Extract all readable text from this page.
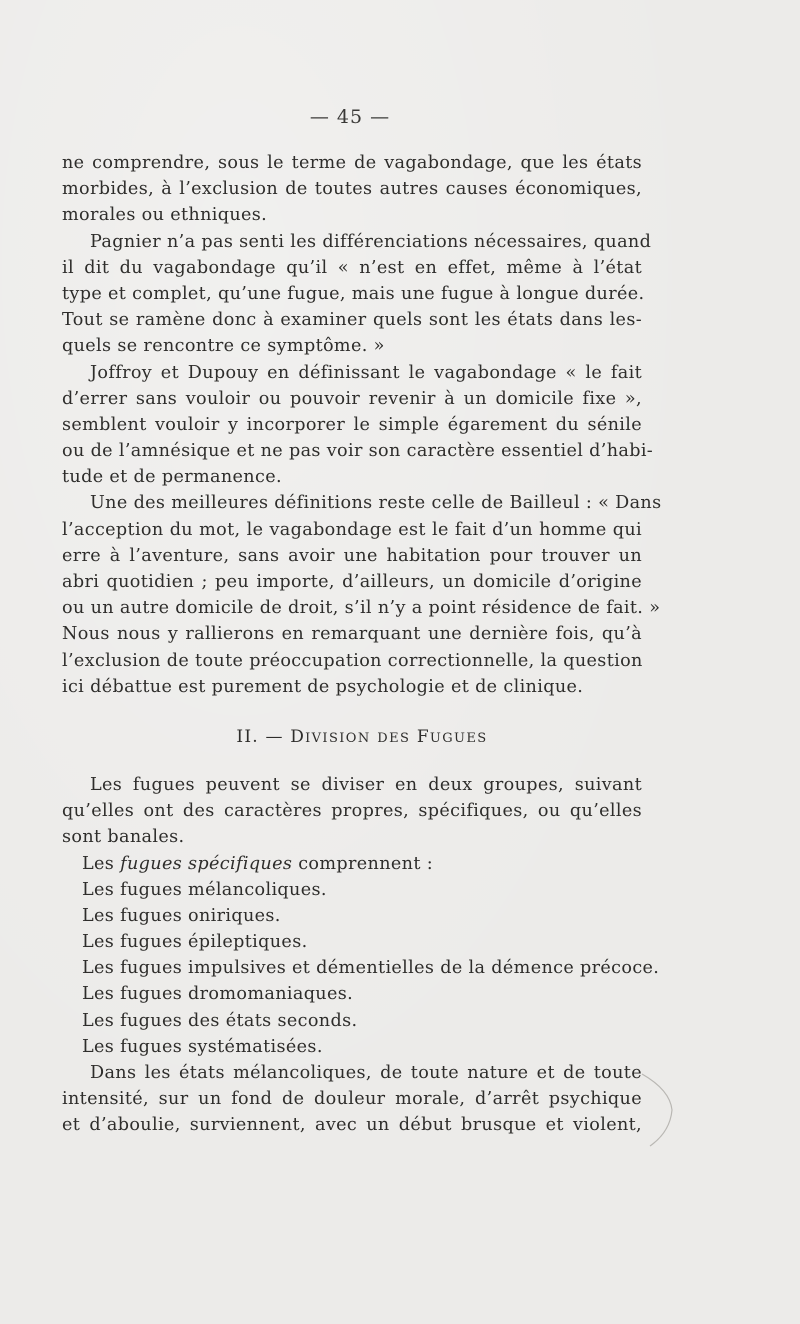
— 45 —
ne comprendre, sous le terme de vagabondage, que les états
morbides, à l’exclusion de toutes autres causes économiques,
morales ou ethniques.
Pagnier n’a pas senti les différenciations nécessaires, quand
il dit du vagabondage qu’il « n’est en effet, même à l’état
type et complet, qu’une fugue, mais une fugue à longue durée.
Tout se ramène donc à examiner quels sont les états dans les-
quels se rencontre ce symptôme. »
Joffroy et Dupouy en définissant le vagabondage « le fait
d’errer sans vouloir ou pouvoir revenir à un domicile fixe »,
semblent vouloir y incorporer le simple égarement du sénile
ou de l’amnésique et ne pas voir son caractère essentiel d’habi-
tude et de permanence.
Une des meilleures définitions reste celle de Bailleul : « Dans
l’acception du mot, le vagabondage est le fait d’un homme qui
erre à l’aventure, sans avoir une habitation pour trouver un
abri quotidien ; peu importe, d’ailleurs, un domicile d’origine
ou un autre domicile de droit, s’il n’y a point résidence de fait. »
Nous nous y rallierons en remarquant une dernière fois, qu’à
l’exclusion de toute préoccupation correctionnelle, la question
ici débattue est purement de psychologie et de clinique.
II. — DIVISION DES FUGUES
Les fugues peuvent se diviser en deux groupes, suivant
qu’elles ont des caractères propres, spécifiques, ou qu’elles
sont banales.
Les fugues spécifiques comprennent :
Les fugues mélancoliques.
Les fugues oniriques.
Les fugues épileptiques.
Les fugues impulsives et démentielles de la démence précoce.
Les fugues dromomaniaques.
Les fugues des états seconds.
Les fugues systématisées.
Dans les états mélancoliques, de toute nature et de toute
intensité, sur un fond de douleur morale, d’arrêt psychique
et d’aboulie, surviennent, avec un début brusque et violent,
